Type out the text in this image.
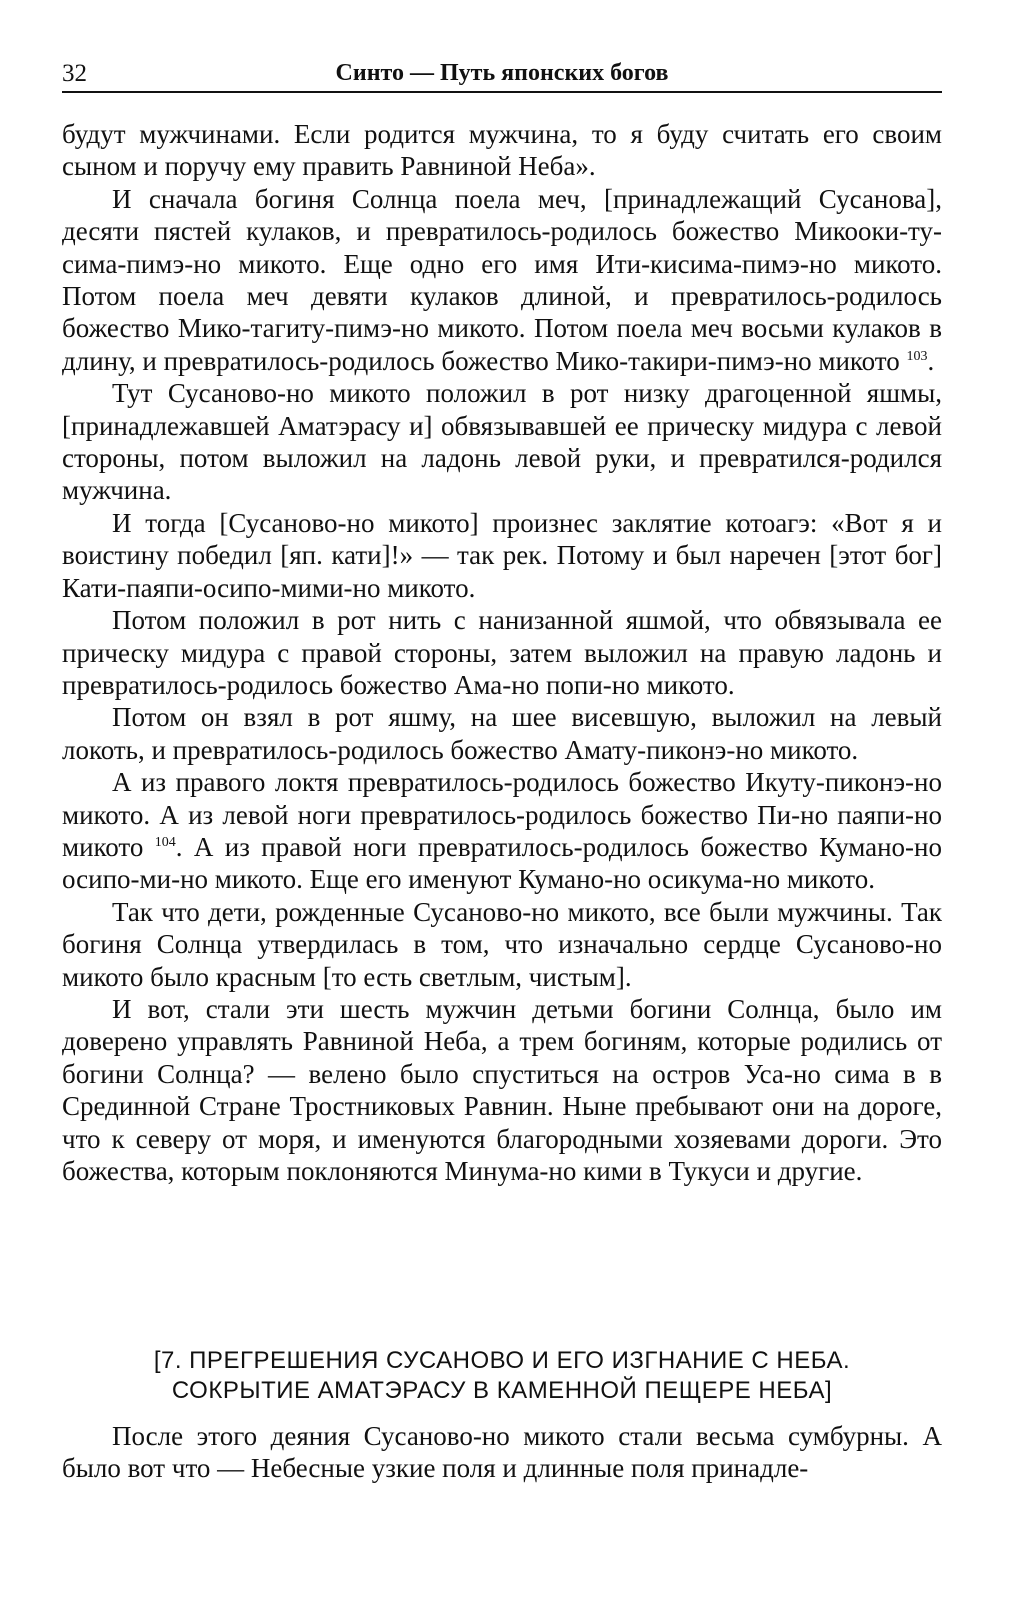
32	Синто — Путь японских богов

будут мужчинами. Если родится мужчина, то я буду считать его своим сыном и поручу ему править Равниной Неба».

И сначала богиня Солнца поела меч, [принадлежащий Сусанова], десяти пястей кулаков, и превратилось-родилось божество Микооки-ту-сима-пимэ-но микото. Еще одно его имя Ити-кисима-пимэ-но микото. Потом поела меч девяти кулаков длиной, и превратилось-родилось божество Мико-тагиту-пимэ-но микото. Потом поела меч восьми кулаков в длину, и превратилось-родилось божество Мико-такири-пимэ-но микото $^{103}$.

Тут Сусаново-но микото положил в рот низку драгоценной яшмы, [принадлежавшей Аматэрасу и] обвязывавшей ее прическу мидура с левой стороны, потом выложил на ладонь левой руки, и превратился-родился мужчина.

И тогда [Сусаново-но микото] произнес заклятие котоагэ: «Вот я и воистину победил [яп. кати]!» — так рек. Потому и был наречен [этот бог] Кати-паяпи-осипо-мими-но микото.

Потом положил в рот нить с нанизанной яшмой, что обвязывала ее прическу мидура с правой стороны, затем выложил на правую ладонь и превратилось-родилось божество Ама-но попи-но микото.

Потом он взял в рот яшму, на шее висевшую, выложил на левый локоть, и превратилось-родилось божество Амату-пиконэ-но микото.

А из правого локтя превратилось-родилось божество Икуту-пиконэ-но микото. А из левой ноги превратилось-родилось божество Пи-но паяпи-но микото $^{104}$. А из правой ноги превратилось-родилось божество Кумано-но осипо-ми-но микото. Еще его именуют Кумано-но осикума-но микото.

Так что дети, рожденные Сусаново-но микото, все были мужчины. Так богиня Солнца утвердилась в том, что изначально сердце Сусаново-но микото было красным [то есть светлым, чистым].

И вот, стали эти шесть мужчин детьми богини Солнца, было им доверено управлять Равниной Неба, а трем богиням, которые родились от богини Солнца? — велено было спуститься на остров Уса-но сима в в Срединной Стране Тростниковых Равнин. Ныне пребывают они на дороге, что к северу от моря, и именуются благородными хозяевами дороги. Это божества, которым поклоняются Минума-но кими в Тукуси и другие.

[7. ПРЕГРЕШЕНИЯ СУСАНОВО И ЕГО ИЗГНАНИЕ С НЕБА.
СОКРЫТИЕ АМАТЭРАСУ В КАМЕННОЙ ПЕЩЕРЕ НЕБА]

После этого деяния Сусаново-но микото стали весьма сумбурны. А было вот что — Небесные узкие поля и длинные поля принадле-
